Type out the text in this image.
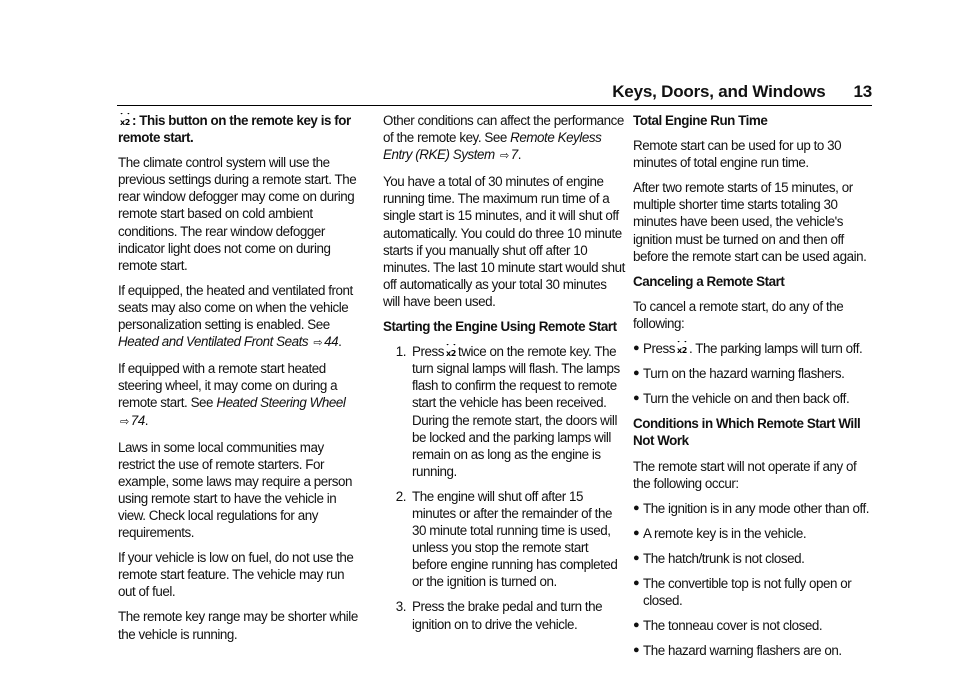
Keys, Doors, and Windows 13

x2 : This button on the remote key is for remote start.

The climate control system will use the previous settings during a remote start. The rear window defogger may come on during remote start based on cold ambient conditions. The rear window defogger indicator light does not come on during remote start.

If equipped, the heated and ventilated front seats may also come on when the vehicle personalization setting is enabled. See Heated and Ventilated Front Seats ⇨ 44.

If equipped with a remote start heated steering wheel, it may come on during a remote start. See Heated Steering Wheel
⇨ 74.

Laws in some local communities may restrict the use of remote starters. For example, some laws may require a person using remote start to have the vehicle in view. Check local regulations for any requirements.

If your vehicle is low on fuel, do not use the remote start feature. The vehicle may run out of fuel.

The remote key range may be shorter while the vehicle is running.

Other conditions can affect the performance of the remote key. See Remote Keyless Entry (RKE) System ⇨ 7.

You have a total of 30 minutes of engine running time. The maximum run time of a single start is 15 minutes, and it will shut off automatically. You could do three 10 minute starts if you manually shut off after 10 minutes. The last 10 minute start would shut off automatically as your total 30 minutes will have been used.

Starting the Engine Using Remote Start

1. Press x2 twice on the remote key. The turn signal lamps will flash. The lamps flash to confirm the request to remote start the vehicle has been received. During the remote start, the doors will be locked and the parking lamps will remain on as long as the engine is running.
2. The engine will shut off after 15 minutes or after the remainder of the 30 minute total running time is used, unless you stop the remote start before engine running has completed or the ignition is turned on.
3. Press the brake pedal and turn the ignition on to drive the vehicle.

Total Engine Run Time

Remote start can be used for up to 30 minutes of total engine run time.

After two remote starts of 15 minutes, or multiple shorter time starts totaling 30 minutes have been used, the vehicle's ignition must be turned on and then off before the remote start can be used again.

Canceling a Remote Start

To cancel a remote start, do any of the following:

● Press x2 . The parking lamps will turn off.
● Turn on the hazard warning flashers.
● Turn the vehicle on and then back off.

Conditions in Which Remote Start Will Not Work

The remote start will not operate if any of the following occur:

● The ignition is in any mode other than off.
● A remote key is in the vehicle.
● The hatch/trunk is not closed.
● The convertible top is not fully open or closed.
● The tonneau cover is not closed.
● The hazard warning flashers are on.
